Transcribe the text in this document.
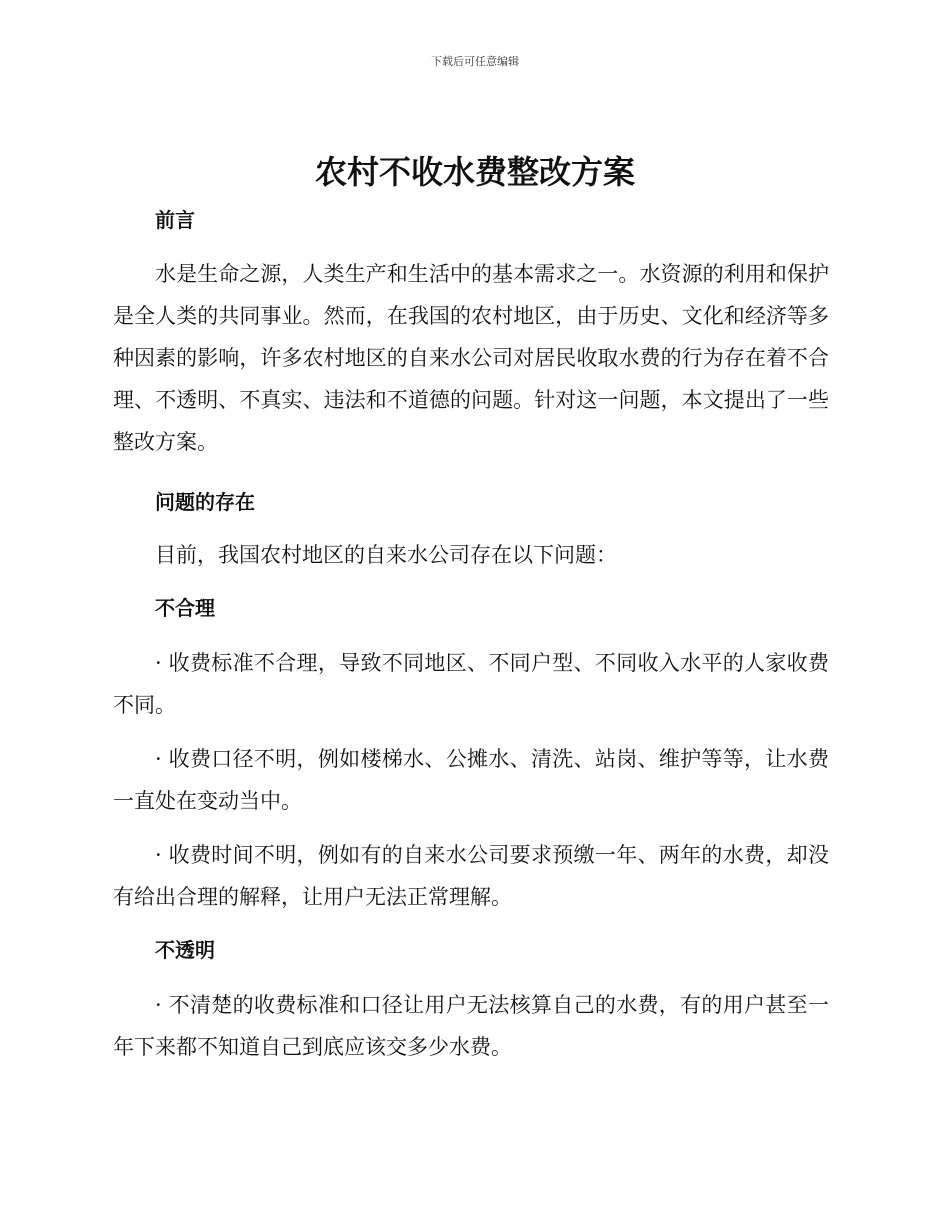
下载后可任意编辑
农村不收水费整改方案
前言

水是生命之源，人类生产和生活中的基本需求之一。水资源的利用和保护是全人类的共同事业。然而，在我国的农村地区，由于历史、文化和经济等多种因素的影响，许多农村地区的自来水公司对居民收取水费的行为存在着不合理、不透明、不真实、违法和不道德的问题。针对这一问题，本文提出了一些整改方案。

问题的存在

目前，我国农村地区的自来水公司存在以下问题：

不合理

· 收费标准不合理，导致不同地区、不同户型、不同收入水平的人家收费不同。

· 收费口径不明，例如楼梯水、公摊水、清洗、站岗、维护等等，让水费一直处在变动当中。

· 收费时间不明，例如有的自来水公司要求预缴一年、两年的水费，却没有给出合理的解释，让用户无法正常理解。

不透明

· 不清楚的收费标准和口径让用户无法核算自己的水费，有的用户甚至一年下来都不知道自己到底应该交多少水费。
